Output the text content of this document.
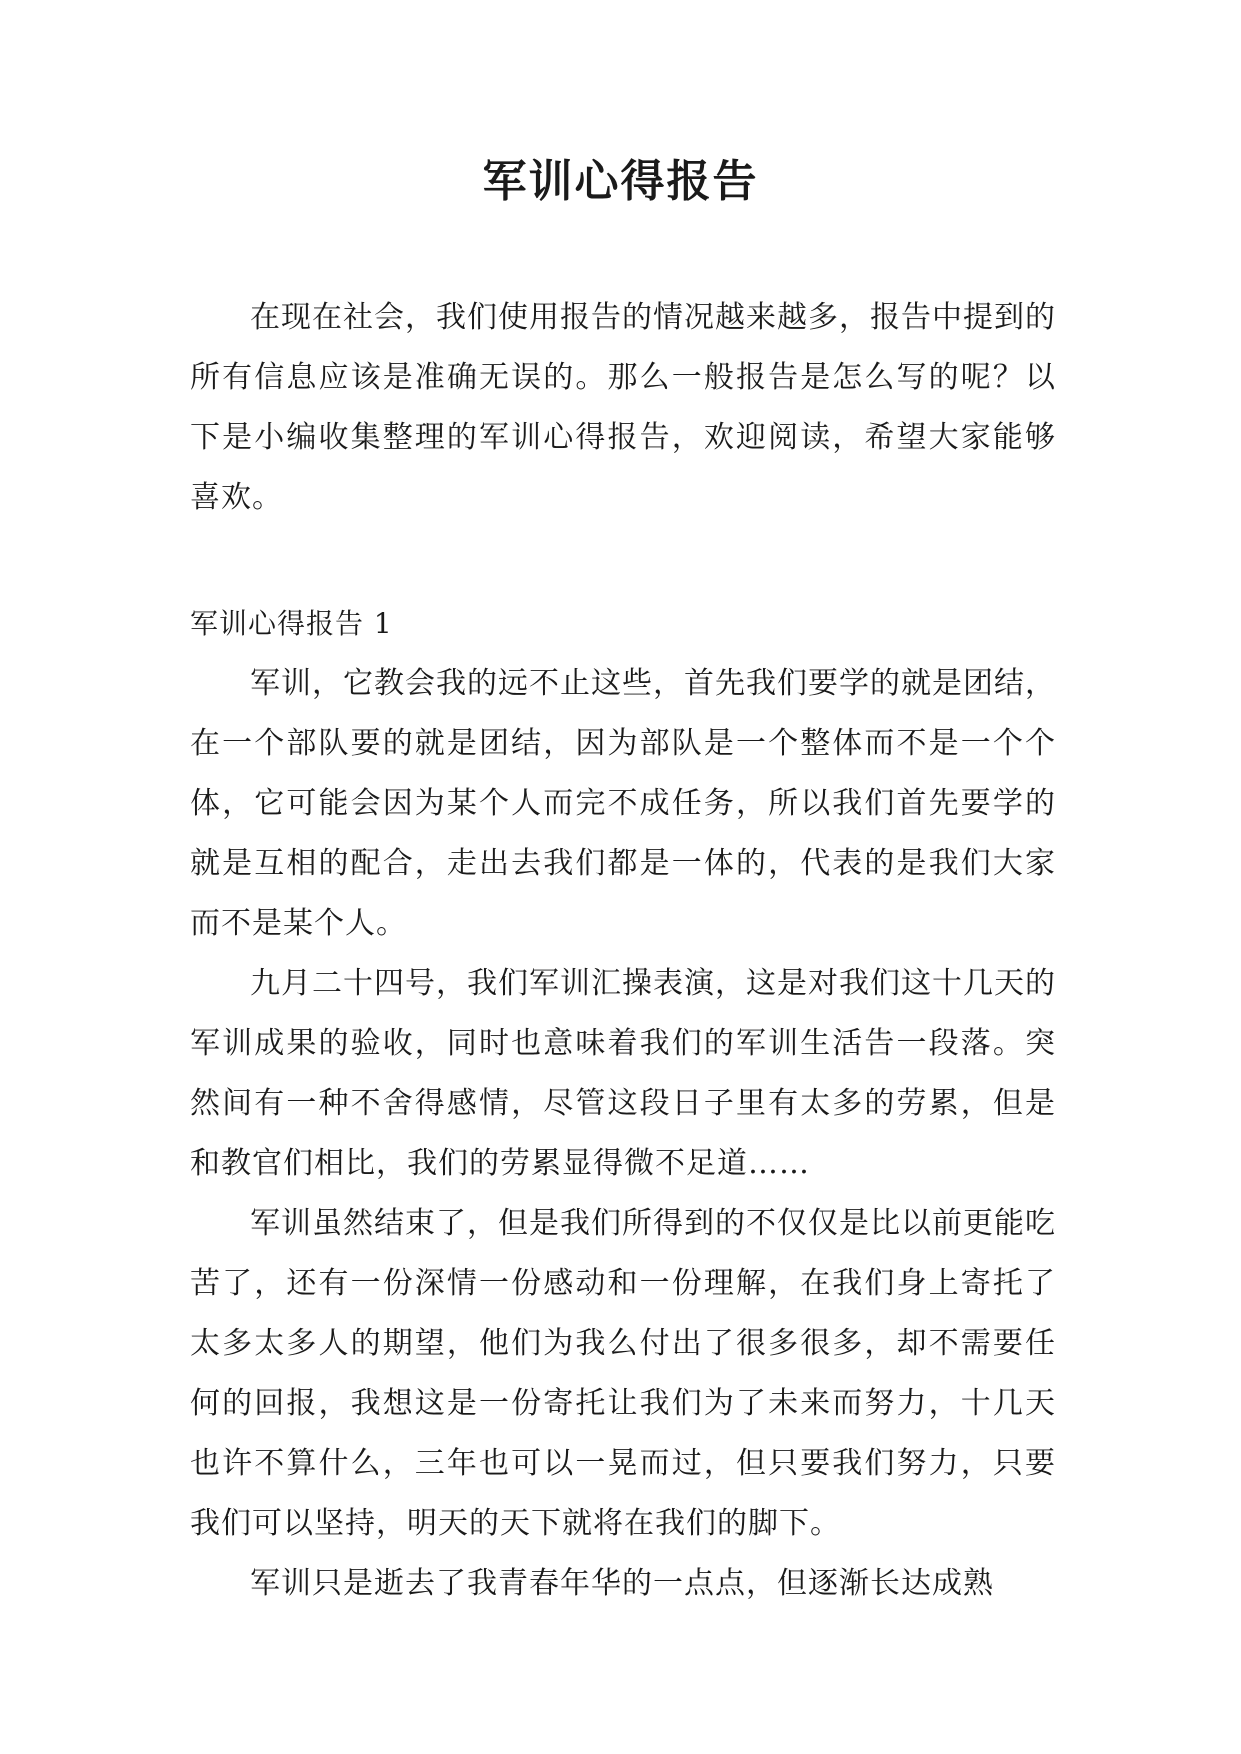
军训心得报告

在现在社会，我们使用报告的情况越来越多，报告中提到的所有信息应该是准确无误的。那么一般报告是怎么写的呢？以下是小编收集整理的军训心得报告，欢迎阅读，希望大家能够喜欢。

军训心得报告 1

军训，它教会我的远不止这些，首先我们要学的就是团结，在一个部队要的就是团结，因为部队是一个整体而不是一个个体，它可能会因为某个人而完不成任务，所以我们首先要学的就是互相的配合，走出去我们都是一体的，代表的是我们大家而不是某个人。

九月二十四号，我们军训汇操表演，这是对我们这十几天的军训成果的验收，同时也意味着我们的军训生活告一段落。突然间有一种不舍得感情，尽管这段日子里有太多的劳累，但是和教官们相比，我们的劳累显得微不足道……

军训虽然结束了，但是我们所得到的不仅仅是比以前更能吃苦了，还有一份深情一份感动和一份理解，在我们身上寄托了太多太多人的期望，他们为我么付出了很多很多，却不需要任何的回报，我想这是一份寄托让我们为了未来而努力，十几天也许不算什么，三年也可以一晃而过，但只要我们努力，只要我们可以坚持，明天的天下就将在我们的脚下。

军训只是逝去了我青春年华的一点点，但逐渐长达成熟
